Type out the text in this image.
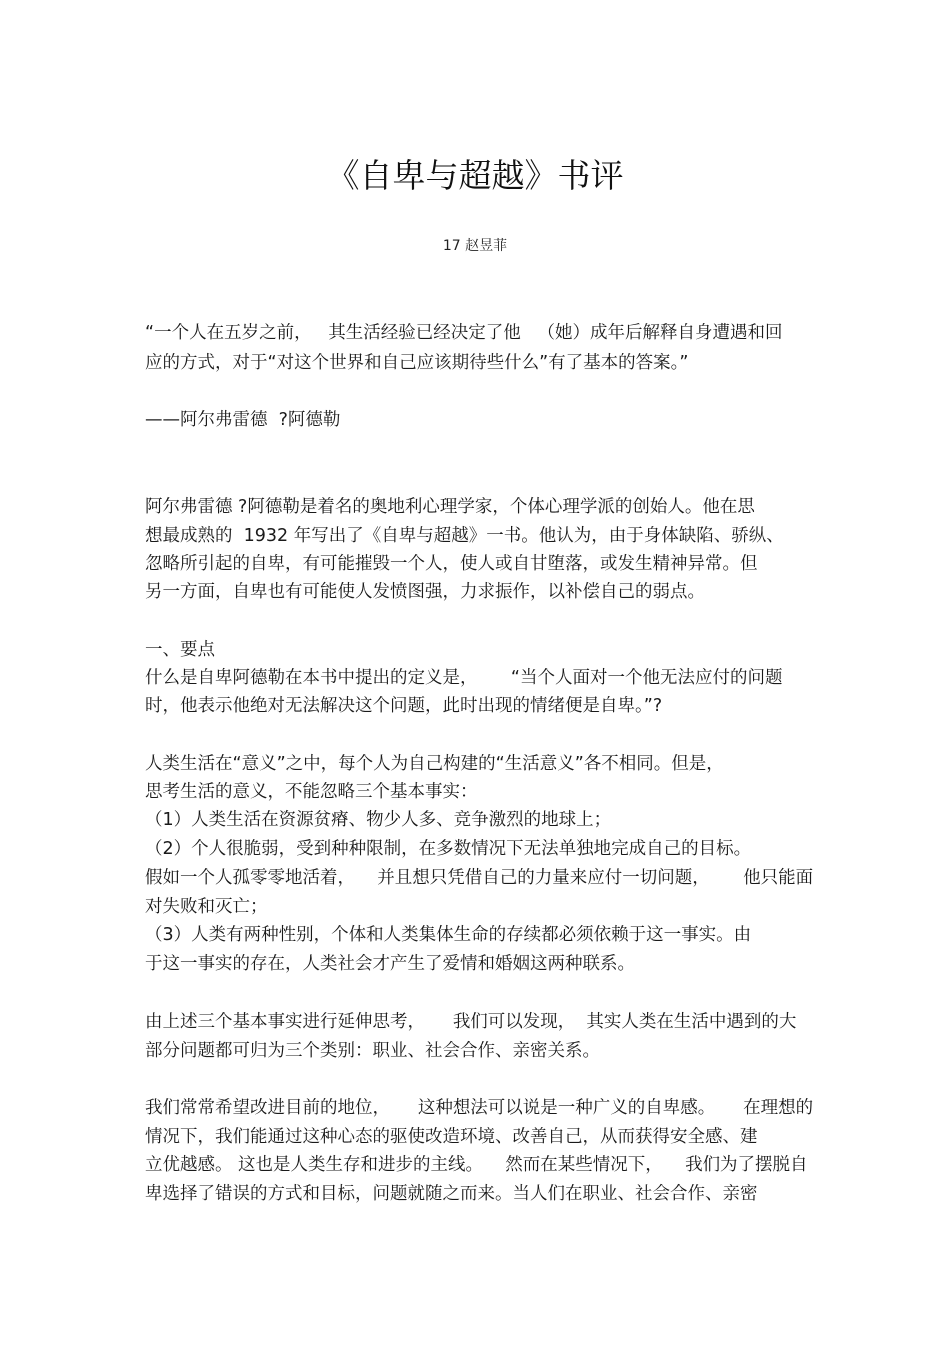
《自卑与超越》书评
17 赵昱菲
“一个人在五岁之前，   其生活经验已经决定了他   （她）成年后解释自身遭遇和回
应的方式，对于“对这个世界和自己应该期待些什么”有了基本的答案。”
——阿尔弗雷德  ?阿德勒
阿尔弗雷德 ?阿德勒是着名的奥地利心理学家，个体心理学派的创始人。他在思
想最成熟的  1932 年写出了《自卑与超越》一书。他认为，由于身体缺陷、骄纵、
忽略所引起的自卑，有可能摧毁一个人，使人或自甘堕落，或发生精神异常。但
另一方面，自卑也有可能使人发愤图强，力求振作，以补偿自己的弱点。
一、要点
什么是自卑阿德勒在本书中提出的定义是，      “当个人面对一个他无法应付的问题
时，他表示他绝对无法解决这个问题，此时出现的情绪便是自卑。”?
人类生活在“意义”之中，每个人为自己构建的“生活意义”各不相同。但是，
思考生活的意义，不能忽略三个基本事实：
（1）人类生活在资源贫瘠、物少人多、竞争激烈的地球上；
（2）个人很脆弱，受到种种限制，在多数情况下无法单独地完成自己的目标。
假如一个人孤零零地活着，    并且想只凭借自己的力量来应付一切问题，      他只能面
对失败和灭亡；
（3）人类有两种性别，个体和人类集体生命的存续都必须依赖于这一事实。由
于这一事实的存在，人类社会才产生了爱情和婚姻这两种联系。
由上述三个基本事实进行延伸思考，     我们可以发现，  其实人类在生活中遇到的大
部分问题都可归为三个类别：职业、社会合作、亲密关系。
我们常常希望改进目前的地位，     这种想法可以说是一种广义的自卑感。     在理想的
情况下，我们能通过这种心态的驱使改造环境、改善自己，从而获得安全感、建
立优越感。 这也是人类生存和进步的主线。    然而在某些情况下，    我们为了摆脱自
卑选择了错误的方式和目标，问题就随之而来。当人们在职业、社会合作、亲密
